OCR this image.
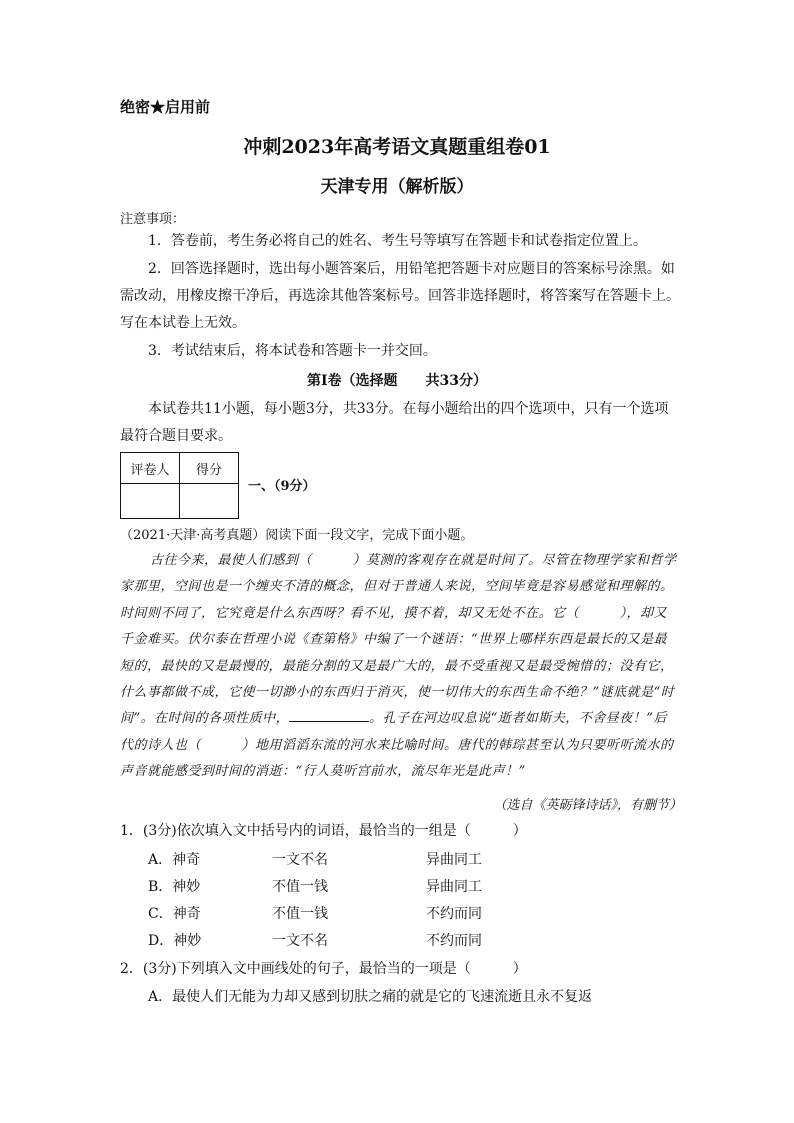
绝密★启用前
冲刺2023年高考语文真题重组卷01
天津专用（解析版）
注意事项：
1．答卷前，考生务必将自己的姓名、考生号等填写在答题卡和试卷指定位置上。
2．回答选择题时，选出每小题答案后，用铅笔把答题卡对应题目的答案标号涂黑。如需改动，用橡皮擦干净后，再选涂其他答案标号。回答非选择题时，将答案写在答题卡上。写在本试卷上无效。
3．考试结束后，将本试卷和答题卡一并交回。
第Ⅰ卷（选择题　　共33分）
本试卷共11小题，每小题3分，共33分。在每小题给出的四个选项中，只有一个选项最符合题目要求。
评卷人	得分

一、（9分）
（2021·天津·高考真题）阅读下面一段文字，完成下面小题。
古往今来，最使人们感到（　　　）莫测的客观存在就是时间了。尽管在物理学家和哲学家那里，空间也是一个缠夹不清的概念，但对于普通人来说，空间毕竟是容易感觉和理解的。时间则不同了，它究竟是什么东西呀？看不见，摸不着，却又无处不在。它（　　　），却又千金难买。伏尔泰在哲理小说《查第格》中编了一个谜语：“世界上哪样东西是最长的又是最短的，最快的又是最慢的，最能分割的又是最广大的，最不受重视又是最受惋惜的；没有它，什么事都做不成，它使一切渺小的东西归于消灭，使一切伟大的东西生命不绝？”谜底就是“时间”。在时间的各项性质中，	。孔子在河边叹息说“逝者如斯夫，不舍昼夜！”后代的诗人也（　　　）地用滔滔东流的河水来比喻时间。唐代的韩琮甚至认为只要听听流水的声音就能感受到时间的消逝：“行人莫听宫前水，流尽年光是此声！”
（选自《英砺锋诗话》，有删节）
1．(3分)依次填入文中括号内的词语，最恰当的一组是（　　　）
A．神奇	一文不名	异曲同工
B．神妙	不值一钱	异曲同工
C．神奇	不值一钱	不约而同
D．神妙	一文不名	不约而同
2．(3分)下列填入文中画线处的句子，最恰当的一项是（　　　）
A．最使人们无能为力却又感到切肤之痛的就是它的飞速流逝且永不复返
